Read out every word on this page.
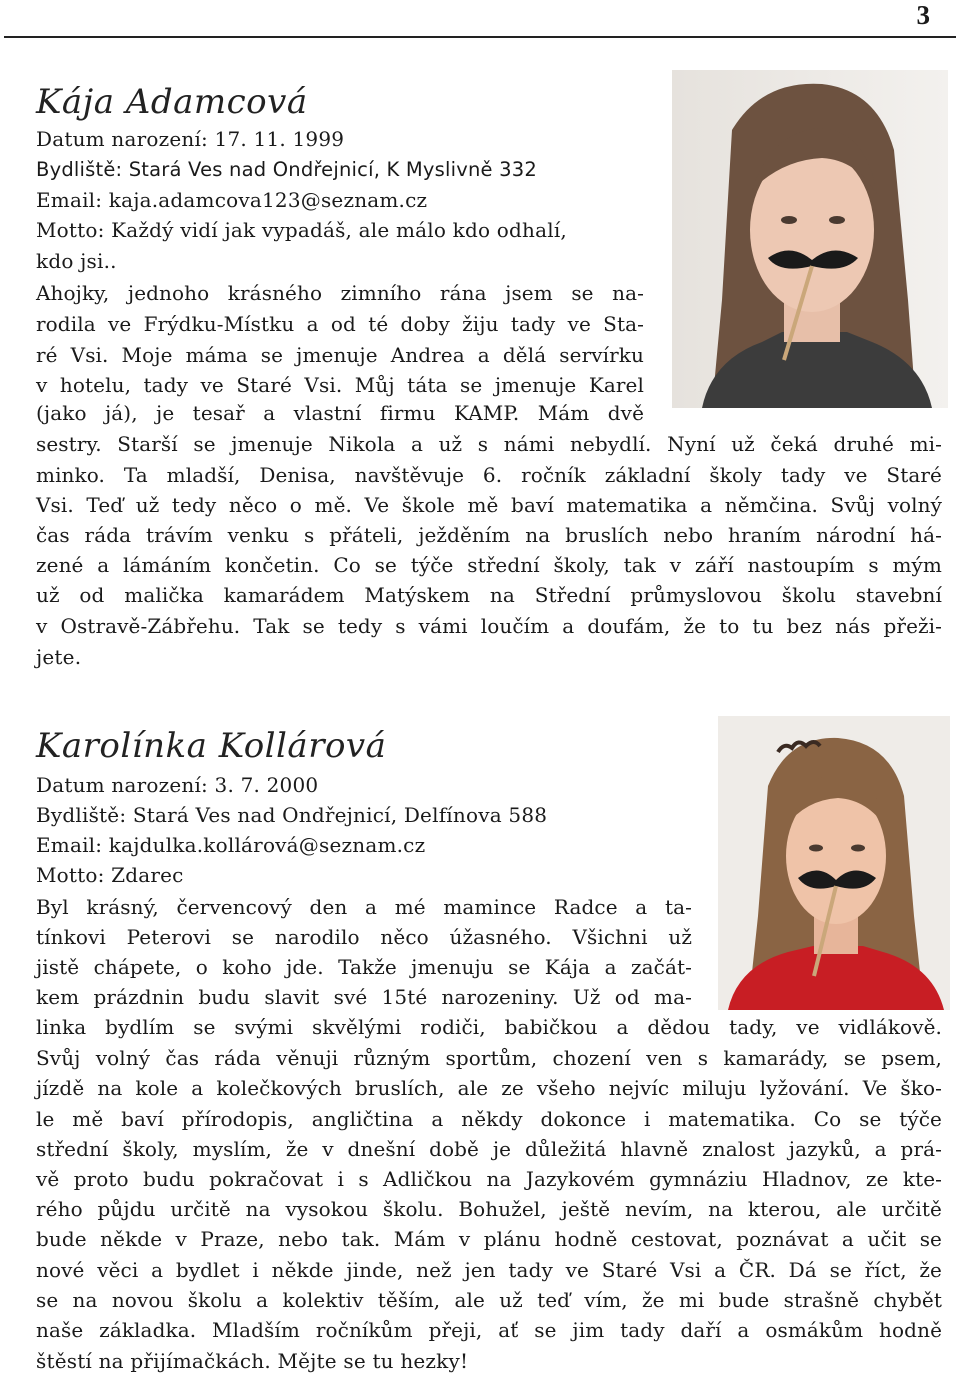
3
Kája Adamcová
Datum narození: 17. 11. 1999
Bydliště: Stará Ves nad Ondřejnicí, K Myslivně 332
Email: kaja.adamcova123@seznam.cz
Motto: Každý vidí jak vypadáš, ale málo kdo odhalí,
kdo jsi..
Ahojky, jednoho krásného zimního rána jsem se na-
rodila ve Frýdku-Místku a od té doby žiju tady ve Sta-
ré Vsi. Moje máma se jmenuje Andrea a dělá servírku
v hotelu, tady ve Staré Vsi. Můj táta se jmenuje Karel
(jako já), je tesař a vlastní firmu KAMP. Mám dvě
sestry. Starší se jmenuje Nikola a už s námi nebydlí. Nyní už čeká druhé mi-
minko. Ta mladší, Denisa, navštěvuje 6. ročník základní školy tady ve Staré
Vsi. Teď už tedy něco o mě. Ve škole mě baví matematika a němčina. Svůj volný
čas ráda trávím venku s přáteli, ježděním na bruslích nebo hraním národní há-
zené a lámáním končetin. Co se týče střední školy, tak v září nastoupím s mým
už od malička kamarádem Matýskem na Střední průmyslovou školu stavební
v Ostravě-Zábřehu. Tak se tedy s vámi loučím a doufám, že to tu bez nás přeži-
jete.
Karolínka Kollárová
Datum narození: 3. 7. 2000
Bydliště: Stará Ves nad Ondřejnicí, Delfínova 588
Email: kajdulka.kollárová@seznam.cz
Motto: Zdarec
Byl krásný, červencový den a mé mamince Radce a ta-
tínkovi Peterovi se narodilo něco úžasného. Všichni už
jistě chápete, o koho jde. Takže jmenuju se Kája a začát-
kem prázdnin budu slavit své 15té narozeniny. Už od ma-
linka bydlím se svými skvělými rodiči, babičkou a dědou tady, ve vidlákově.
Svůj volný čas ráda věnuji různým sportům, chození ven s kamarády, se psem,
jízdě na kole a kolečkových bruslích, ale ze všeho nejvíc miluju lyžování. Ve ško-
le mě baví přírodopis, angličtina a někdy dokonce i matematika. Co se týče
střední školy, myslím, že v dnešní době je důležitá hlavně znalost jazyků, a prá-
vě proto budu pokračovat i s Adličkou na Jazykovém gymnáziu Hladnov, ze kte-
rého půjdu určitě na vysokou školu. Bohužel, ještě nevím, na kterou, ale určitě
bude někde v Praze, nebo tak. Mám v plánu hodně cestovat, poznávat a učit se
nové věci a bydlet i někde jinde, než jen tady ve Staré Vsi a ČR. Dá se říct, že
se na novou školu a kolektiv těším, ale už teď vím, že mi bude strašně chybět
naše základka. Mladším ročníkům přeji, ať se jim tady daří a osmákům hodně
štěstí na přijímačkách. Mějte se tu hezky!
